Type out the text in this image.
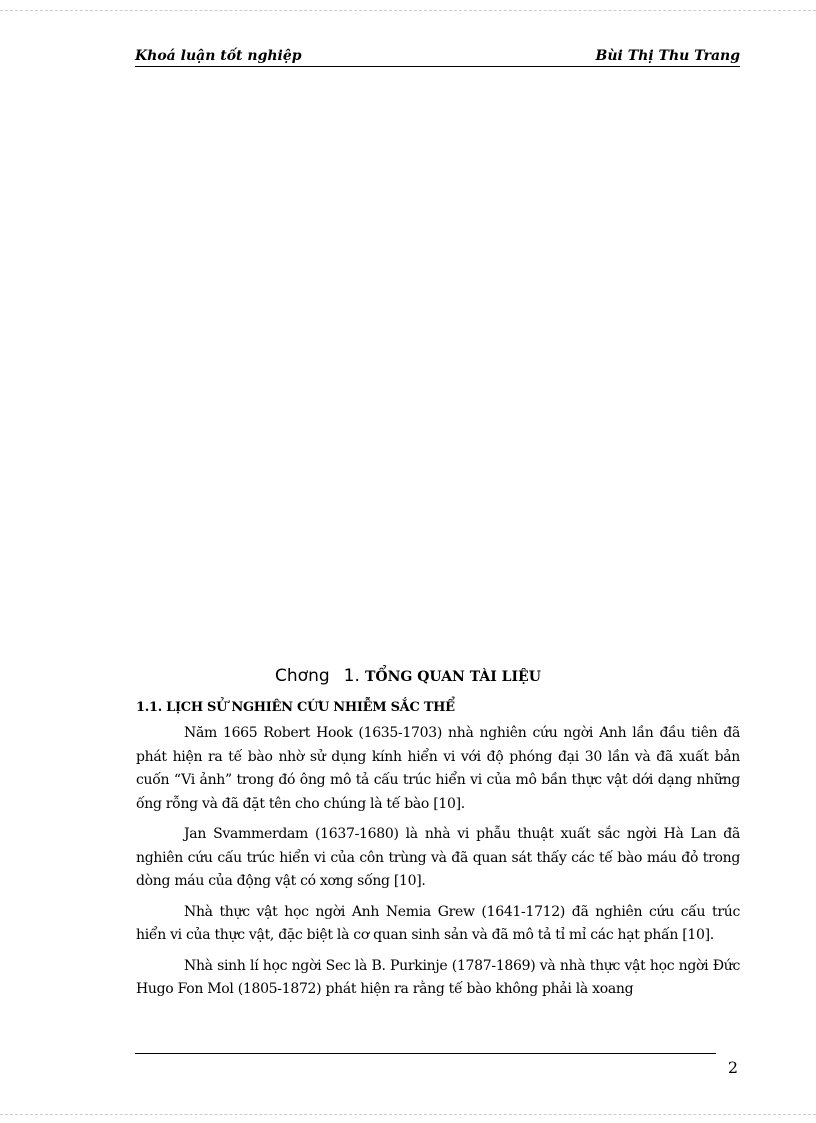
Khoá luận tốt nghiệp	Bùi Thị Thu Trang
Chơng 1. TỔNG QUAN TÀI LIỆU
1.1. LỊCH SỬ NGHIÊN CỨU NHIỄM SẮC THỂ

Năm 1665 Robert Hook (1635-1703) nhà nghiên cứu ngời Anh lần đầu tiên đã phát hiện ra tế bào nhờ sử dụng kính hiển vi với độ phóng đại 30 lần và đã xuất bản cuốn “Vi ảnh” trong đó ông mô tả cấu trúc hiển vi của mô bần thực vật dới dạng những ống rỗng và đã đặt tên cho chúng là tế bào [10].

Jan Svammerdam (1637-1680) là nhà vi phẫu thuật xuất sắc ngời Hà Lan đã nghiên cứu cấu trúc hiển vi của côn trùng và đã quan sát thấy các tế bào máu đỏ trong dòng máu của động vật có xơng sống [10].

Nhà thực vật học ngời Anh Nemia Grew (1641-1712) đã nghiên cứu cấu trúc hiển vi của thực vật, đặc biệt là cơ quan sinh sản và đã mô tả tỉ mỉ các hạt phấn [10].

Nhà sinh lí học ngời Sec là B. Purkinje (1787-1869) và nhà thực vật học ngời Đức Hugo Fon Mol (1805-1872) phát hiện ra rằng tế bào không phải là xoang

2
